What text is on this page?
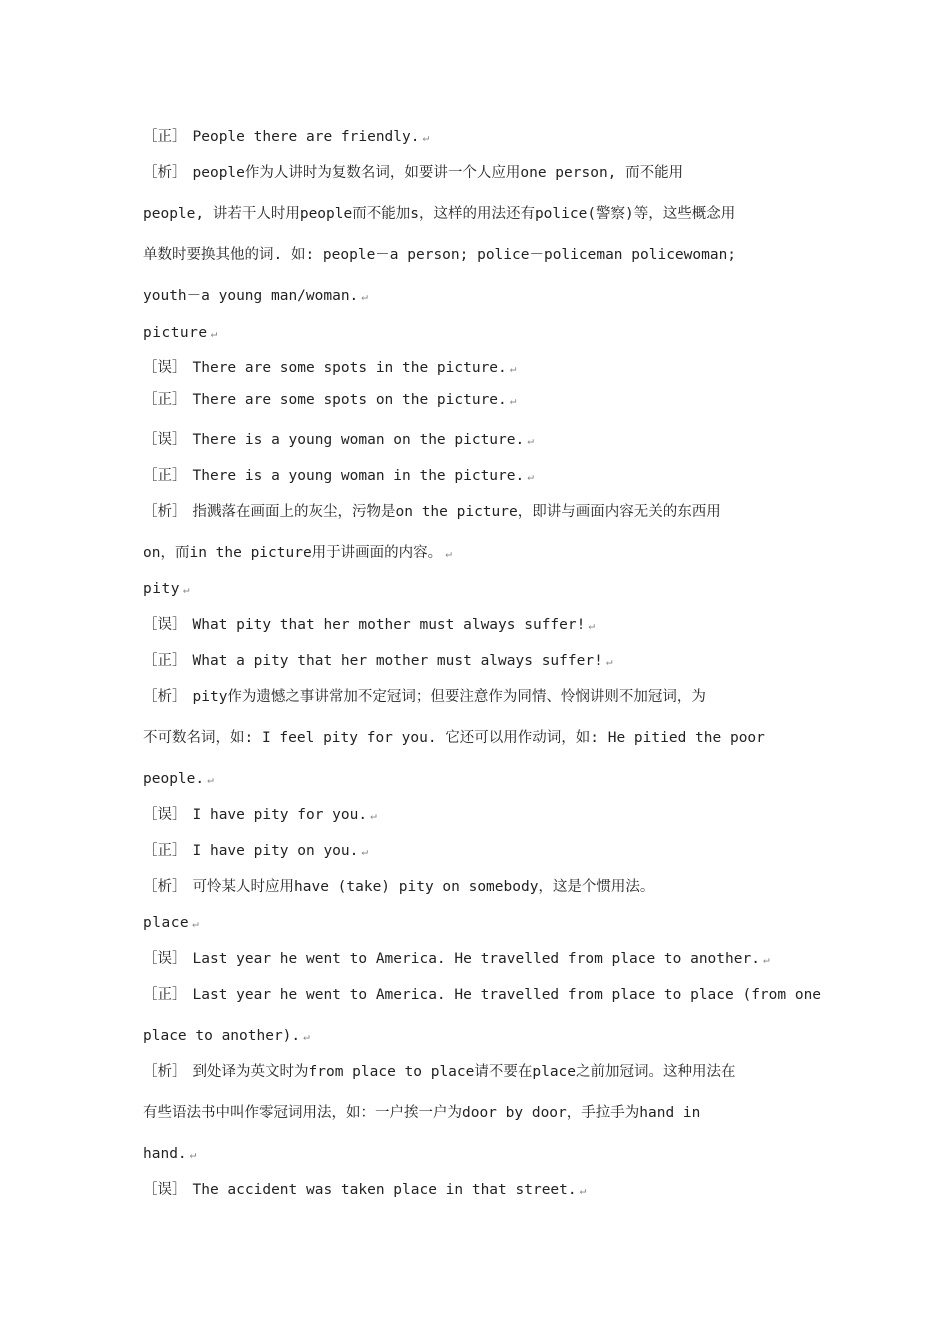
［正］ People there are friendly. ↵
［析］ people作为人讲时为复数名词，如要讲一个人应用one person, 而不能用
people, 讲若干人时用people而不能加s，这样的用法还有police(警察)等，这些概念用
单数时要换其他的词. 如: people－a person; police－policeman policewoman;
youth－a young man/woman. ↵
picture ↵
［误］ There are some spots in the picture. ↵
［正］ There are some spots on the picture. ↵
［误］ There is a young woman on the picture. ↵
［正］ There is a young woman in the picture. ↵
［析］ 指溅落在画面上的灰尘，污物是on the picture，即讲与画面内容无关的东西用
on，而in the picture用于讲画面的内容。 ↵
pity ↵
［误］ What pity that her mother must always suffer! ↵
［正］ What a pity that her mother must always suffer! ↵
［析］ pity作为遗憾之事讲常加不定冠词；但要注意作为同情、怜悯讲则不加冠词，为
不可数名词，如: I feel pity for you. 它还可以用作动词，如: He pitied the poor
people. ↵
［误］ I have pity for you. ↵
［正］ I have pity on you. ↵
［析］ 可怜某人时应用have (take) pity on somebody，这是个惯用法。
place ↵
［误］ Last year he went to America. He travelled from place to another. ↵
［正］ Last year he went to America. He travelled from place to place (from one
place to another). ↵
［析］ 到处译为英文时为from place to place请不要在place之前加冠词。这种用法在
有些语法书中叫作零冠词用法，如：一户挨一户为door by door，手拉手为hand in
hand. ↵
［误］ The accident was taken place in that street. ↵
